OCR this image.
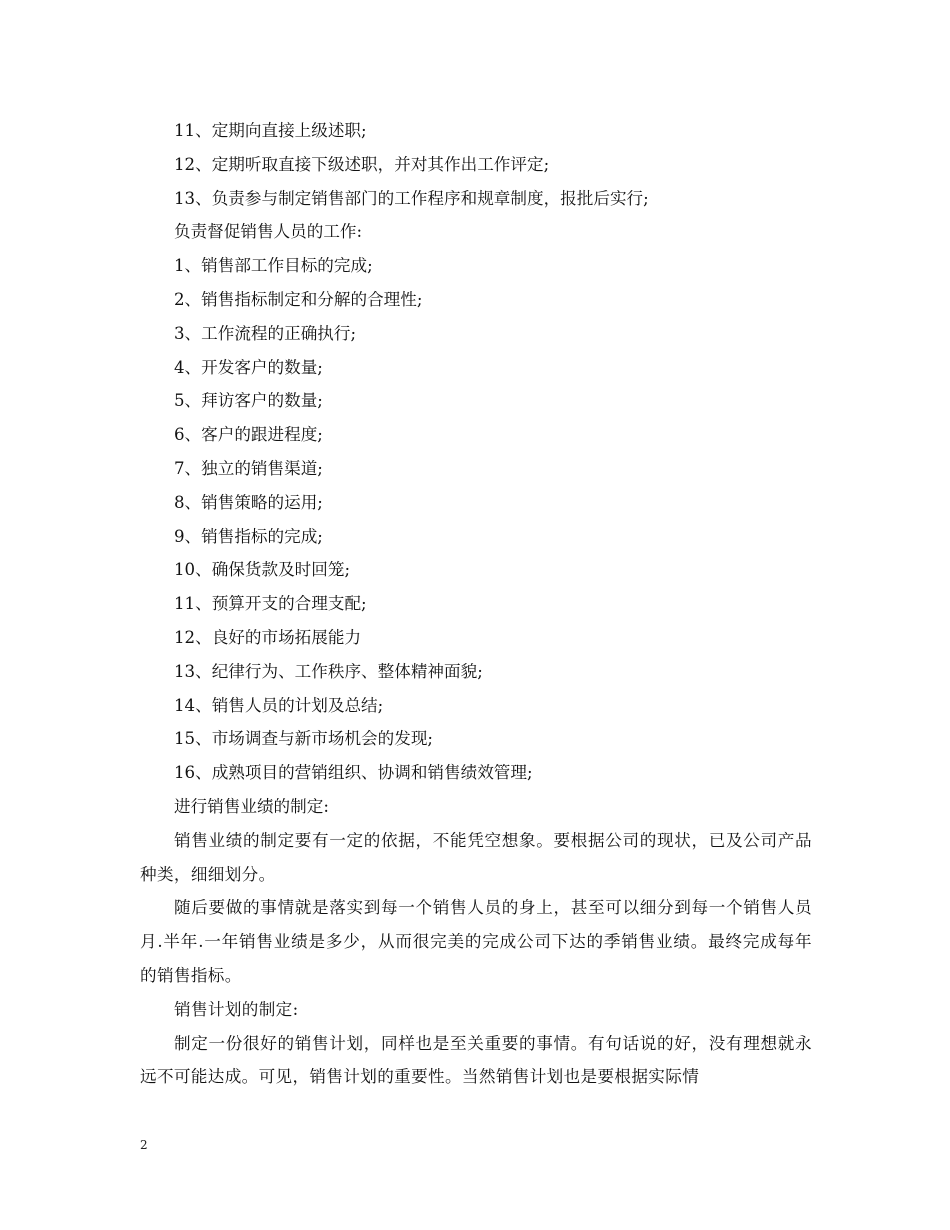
11、定期向直接上级述职;

12、定期听取直接下级述职，并对其作出工作评定;

13、负责参与制定销售部门的工作程序和规章制度，报批后实行;

负责督促销售人员的工作:

1、销售部工作目标的完成;

2、销售指标制定和分解的合理性;

3、工作流程的正确执行;

4、开发客户的数量;

5、拜访客户的数量;

6、客户的跟进程度;

7、独立的销售渠道;

8、销售策略的运用;

9、销售指标的完成;

10、确保货款及时回笼;

11、预算开支的合理支配;

12、良好的市场拓展能力

13、纪律行为、工作秩序、整体精神面貌;

14、销售人员的计划及总结;

15、市场调查与新市场机会的发现;

16、成熟项目的营销组织、协调和销售绩效管理;

进行销售业绩的制定:

销售业绩的制定要有一定的依据，不能凭空想象。要根据公司的现状，已及公司产品种类，细细划分。

随后要做的事情就是落实到每一个销售人员的身上，甚至可以细分到每一个销售人员月.半年.一年销售业绩是多少，从而很完美的完成公司下达的季销售业绩。最终完成每年的销售指标。

销售计划的制定:

制定一份很好的销售计划，同样也是至关重要的事情。有句话说的好，没有理想就永远不可能达成。可见，销售计划的重要性。当然销售计划也是要根据实际情

2
